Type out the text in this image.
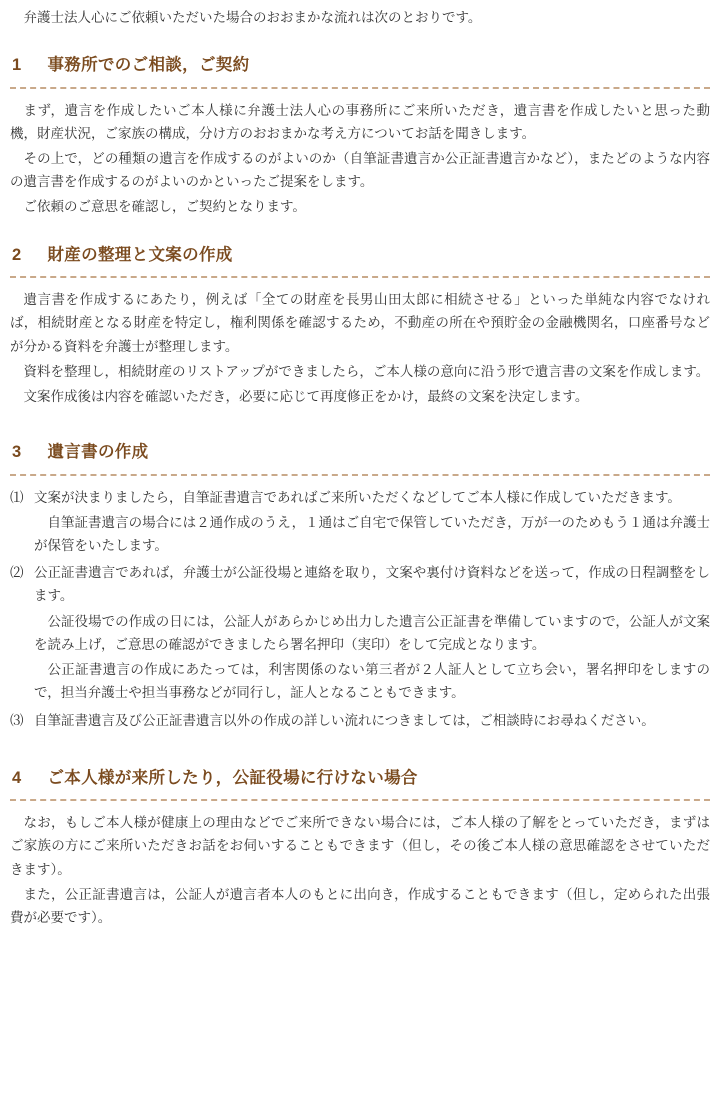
弁護士法人心にご依頼いただいた場合のおおまかな流れは次のとおりです。

1 事務所でのご相談，ご契約

まず，遺言を作成したいご本人様に弁護士法人心の事務所にご来所いただき，遺言書を作成したいと思った動機，財産状況，ご家族の構成，分け方のおおまかな考え方についてお話を聞きします。

その上で，どの種類の遺言を作成するのがよいのか（自筆証書遺言か公正証書遺言かなど），またどのような内容の遺言書を作成するのがよいのかといったご提案をします。

ご依頼のご意思を確認し，ご契約となります。

2 財産の整理と文案の作成

遺言書を作成するにあたり，例えば「全ての財産を長男山田太郎に相続させる」といった単純な内容でなければ，相続財産となる財産を特定し，権利関係を確認するため，不動産の所在や預貯金の金融機関名，口座番号などが分かる資料を弁護士が整理します。

資料を整理し，相続財産のリストアップができましたら，ご本人様の意向に沿う形で遺言書の文案を作成します。

文案作成後は内容を確認いただき，必要に応じて再度修正をかけ，最終の文案を決定します。

3 遺言書の作成
⑴ 文案が決まりましたら，自筆証書遺言であればご来所いただくなどしてご本人様に作成していただきます。

自筆証書遺言の場合には２通作成のうえ，１通はご自宅で保管していただき，万が一のためもう１通は弁護士が保管をいたします。

⑵ 公正証書遺言であれば，弁護士が公証役場と連絡を取り，文案や裏付け資料などを送って，作成の日程調整をします。

公証役場での作成の日には，公証人があらかじめ出力した遺言公正証書を準備していますので，公証人が文案を読み上げ，ご意思の確認ができましたら署名押印（実印）をして完成となります。

公正証書遺言の作成にあたっては，利害関係のない第三者が２人証人として立ち会い，署名押印をしますので，担当弁護士や担当事務などが同行し，証人となることもできます。

⑶ 自筆証書遺言及び公正証書遺言以外の作成の詳しい流れにつきましては，ご相談時にお尋ねください。

4 ご本人様が来所したり，公証役場に行けない場合

なお，もしご本人様が健康上の理由などでご来所できない場合には，ご本人様の了解をとっていただき，まずはご家族の方にご来所いただきお話をお伺いすることもできます（但し，その後ご本人様の意思確認をさせていただきます）。

また，公正証書遺言は，公証人が遺言者本人のもとに出向き，作成することもできます（但し，定められた出張費が必要です）。
